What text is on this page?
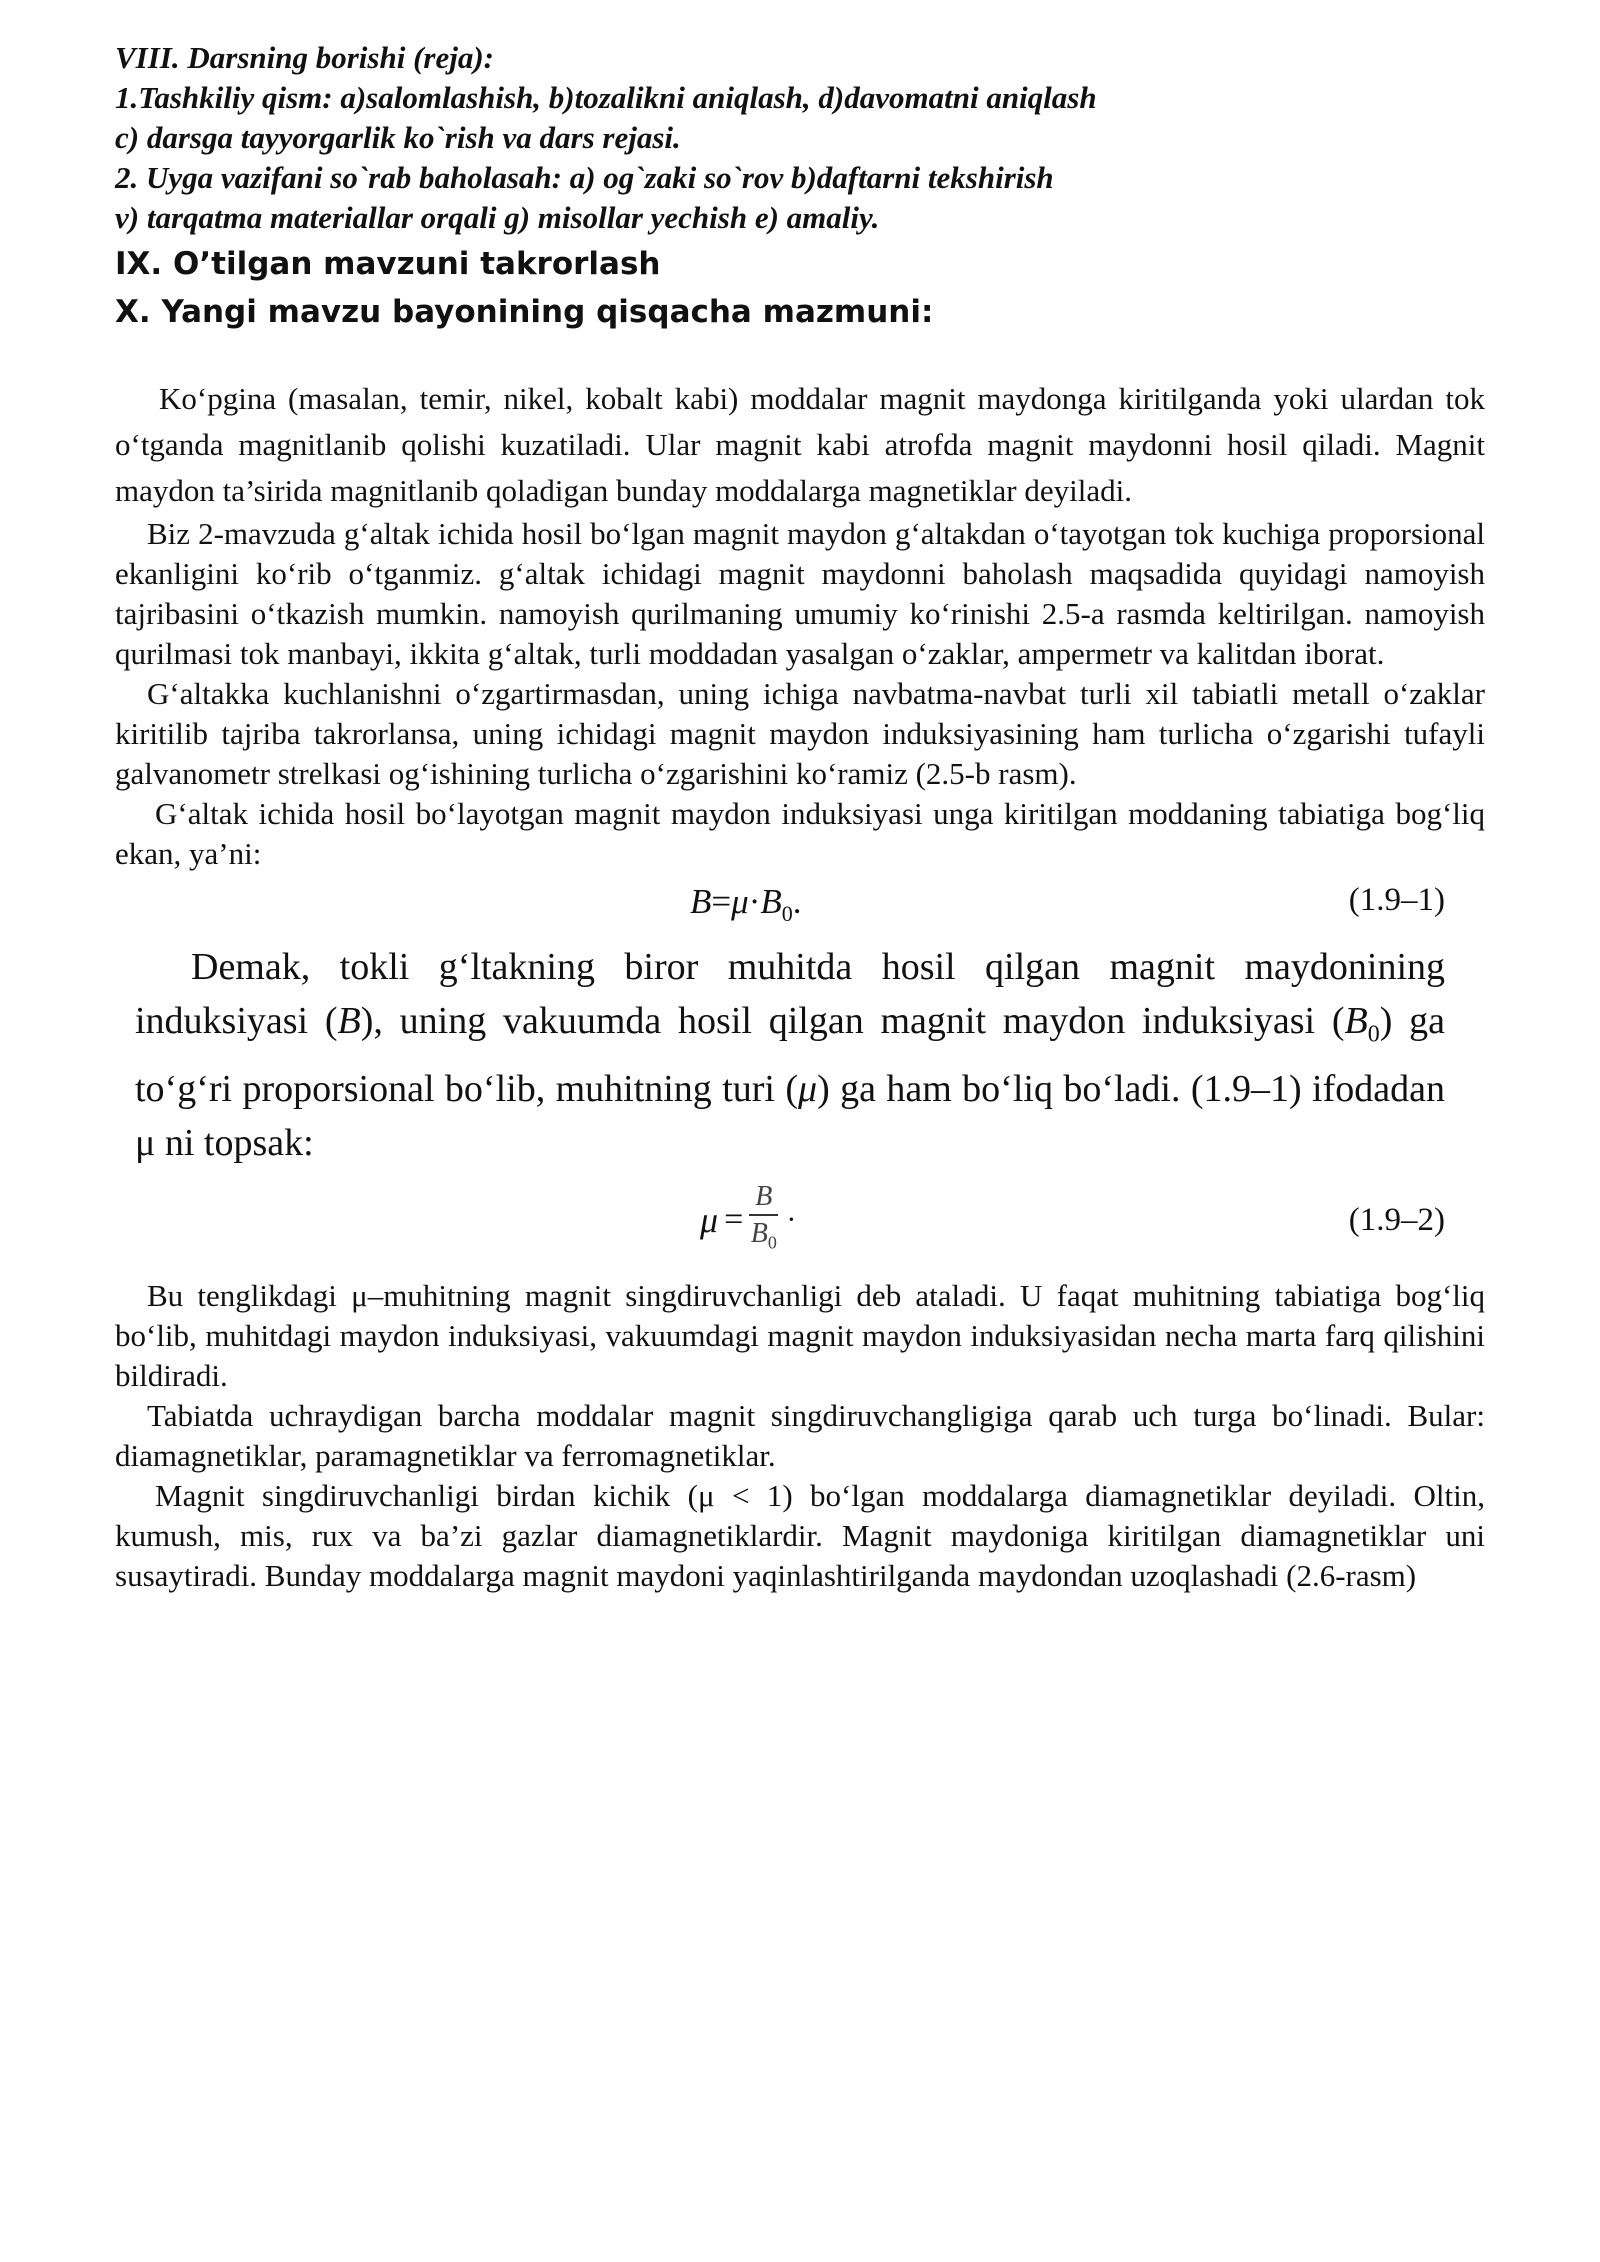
VIII. Darsning borishi (reja):

1.Tashkiliy qism: a)salomlashish, b)tozalikni aniqlash, d)davomatni aniqlash

c) darsga tayyorgarlik ko`rish va dars rejasi.

2. Uyga vazifani so`rab baholasah: a) og`zaki so`rov b)daftarni tekshirish

v) tarqatma materiallar orqali g) misollar yechish e) amaliy.

IX. O’tilgan mavzuni takrorlash

X. Yangi mavzu bayonining qisqacha mazmuni:

Ko‘pgina (masalan, temir, nikel, kobalt kabi) moddalar magnit maydonga kiritilganda yoki ulardan tok o‘tganda magnitlanib qolishi kuzatiladi. Ular magnit kabi atrofda magnit maydonni hosil qiladi. Magnit maydon ta’sirida magnitlanib qoladigan bunday moddalarga magnetiklar deyiladi.

Biz 2-mavzuda g‘altak ichida hosil bo‘lgan magnit maydon g‘altakdan o‘tayotgan tok kuchiga proporsional ekanligini ko‘rib o‘tganmiz. g‘altak ichidagi magnit maydonni baholash maqsadida quyidagi namoyish tajribasini o‘tkazish mumkin. namoyish qurilmaning umumiy ko‘rinishi 2.5-a rasmda keltirilgan. namoyish qurilmasi tok manbayi, ikkita g‘altak, turli moddadan yasalgan o‘zaklar, ampermetr va kalitdan iborat.

G‘altakka kuchlanishni o‘zgartirmasdan, uning ichiga navbatma-navbat turli xil tabiatli metall o‘zaklar kiritilib tajriba takrorlansa, uning ichidagi magnit maydon induksiyasining ham turlicha o‘zgarishi tufayli galvanometr strelkasi og‘ishining turlicha o‘zgarishini ko‘ramiz (2.5-b rasm).

G‘altak ichida hosil bo‘layotgan magnit maydon induksiyasi unga kiritilgan moddaning tabiatiga bog‘liq ekan, ya’ni:

$B=\mu\cdot B_0$.	(1.9–1)

Demak, tokli g‘ltakning biror muhitda hosil qilgan magnit maydonining induksiyasi (B), uning vakuumda hosil qilgan magnit maydon induksiyasi $(B_0)$ ga to‘g‘ri proporsional bo‘lib, muhitning turi (μ) ga ham bo‘liq bo‘ladi. (1.9–1) ifodadan μ ni topsak:

$\mu = \frac{B}{B_0}$ ·	(1.9–2)

Bu tenglikdagi μ–muhitning magnit singdiruvchanligi deb ataladi. U faqat muhitning tabiatiga bog‘liq bo‘lib, muhitdagi maydon induksiyasi, vakuumdagi magnit maydon induksiyasidan necha marta farq qilishini bildiradi.

Tabiatda uchraydigan barcha moddalar magnit singdiruvchangligiga qarab uch turga bo‘linadi. Bular: diamagnetiklar, paramagnetiklar va ferromagnetiklar.

Magnit singdiruvchanligi birdan kichik (μ < 1) bo‘lgan moddalarga diamagnetiklar deyiladi. Oltin, kumush, mis, rux va ba’zi gazlar diamagnetiklardir. Magnit maydoniga kiritilgan diamagnetiklar uni susaytiradi. Bunday moddalarga magnit maydoni yaqinlashtirilganda maydondan uzoqlashadi (2.6-rasm)
